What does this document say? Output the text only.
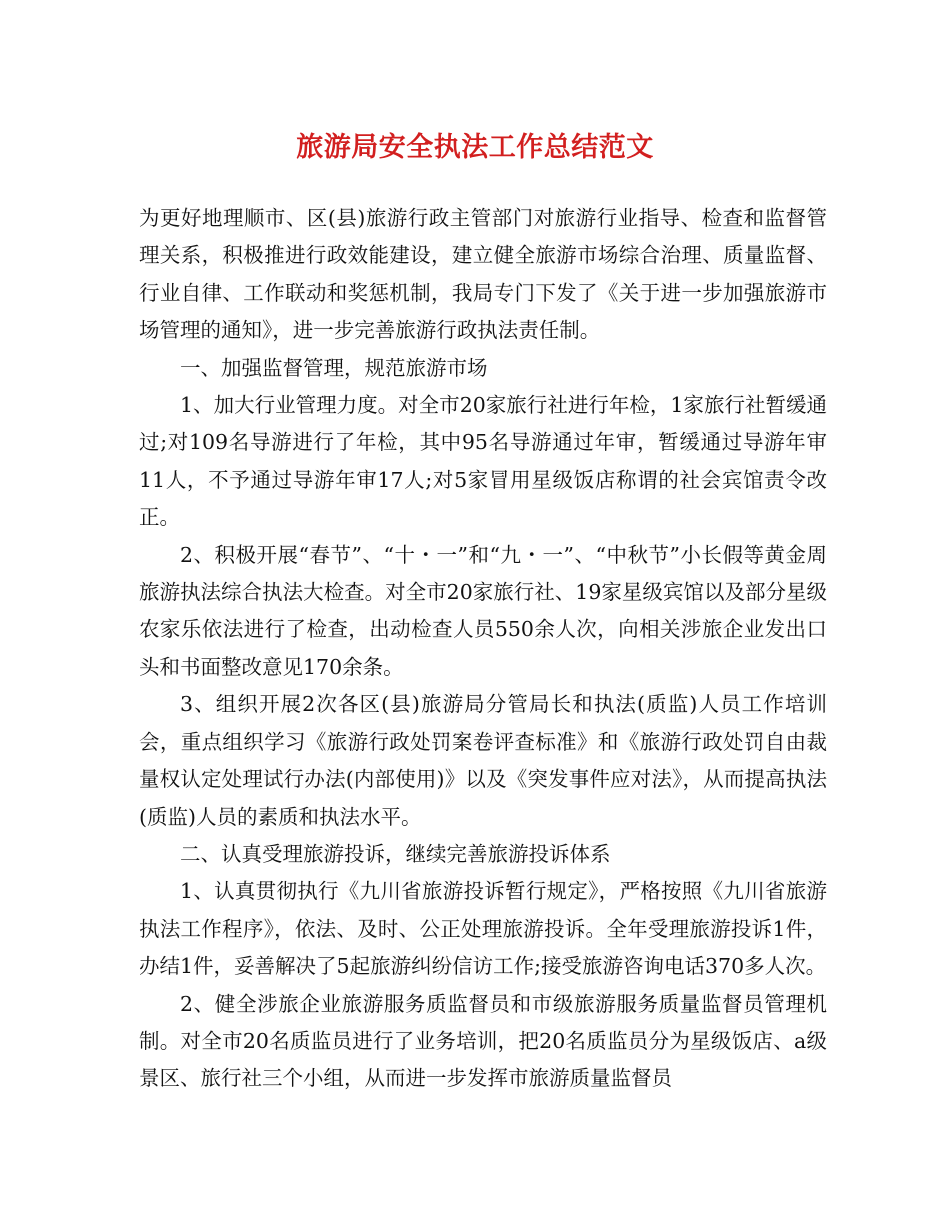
旅游局安全执法工作总结范文

为更好地理顺市、区(县)旅游行政主管部门对旅游行业指导、检查和监督管理关系，积极推进行政效能建设，建立健全旅游市场综合治理、质量监督、行业自律、工作联动和奖惩机制，我局专门下发了《关于进一步加强旅游市场管理的通知》，进一步完善旅游行政执法责任制。

一、加强监督管理，规范旅游市场

1、加大行业管理力度。对全市20家旅行社进行年检，1家旅行社暂缓通过;对109名导游进行了年检，其中95名导游通过年审，暂缓通过导游年审11人，不予通过导游年审17人;对5家冒用星级饭店称谓的社会宾馆责令改正。

2、积极开展“春节”、“十・一”和“九・一”、“中秋节”小长假等黄金周旅游执法综合执法大检查。对全市20家旅行社、19家星级宾馆以及部分星级农家乐依法进行了检查，出动检查人员550余人次，向相关涉旅企业发出口头和书面整改意见170余条。

3、组织开展2次各区(县)旅游局分管局长和执法(质监)人员工作培训会，重点组织学习《旅游行政处罚案卷评查标准》和《旅游行政处罚自由裁量权认定处理试行办法(内部使用)》以及《突发事件应对法》，从而提高执法(质监)人员的素质和执法水平。

二、认真受理旅游投诉，继续完善旅游投诉体系

1、认真贯彻执行《九川省旅游投诉暂行规定》，严格按照《九川省旅游执法工作程序》，依法、及时、公正处理旅游投诉。全年受理旅游投诉1件，办结1件，妥善解决了5起旅游纠纷信访工作;接受旅游咨询电话370多人次。

2、健全涉旅企业旅游服务质监督员和市级旅游服务质量监督员管理机制。对全市20名质监员进行了业务培训，把20名质监员分为星级饭店、a级景区、旅行社三个小组，从而进一步发挥市旅游质量监督员
